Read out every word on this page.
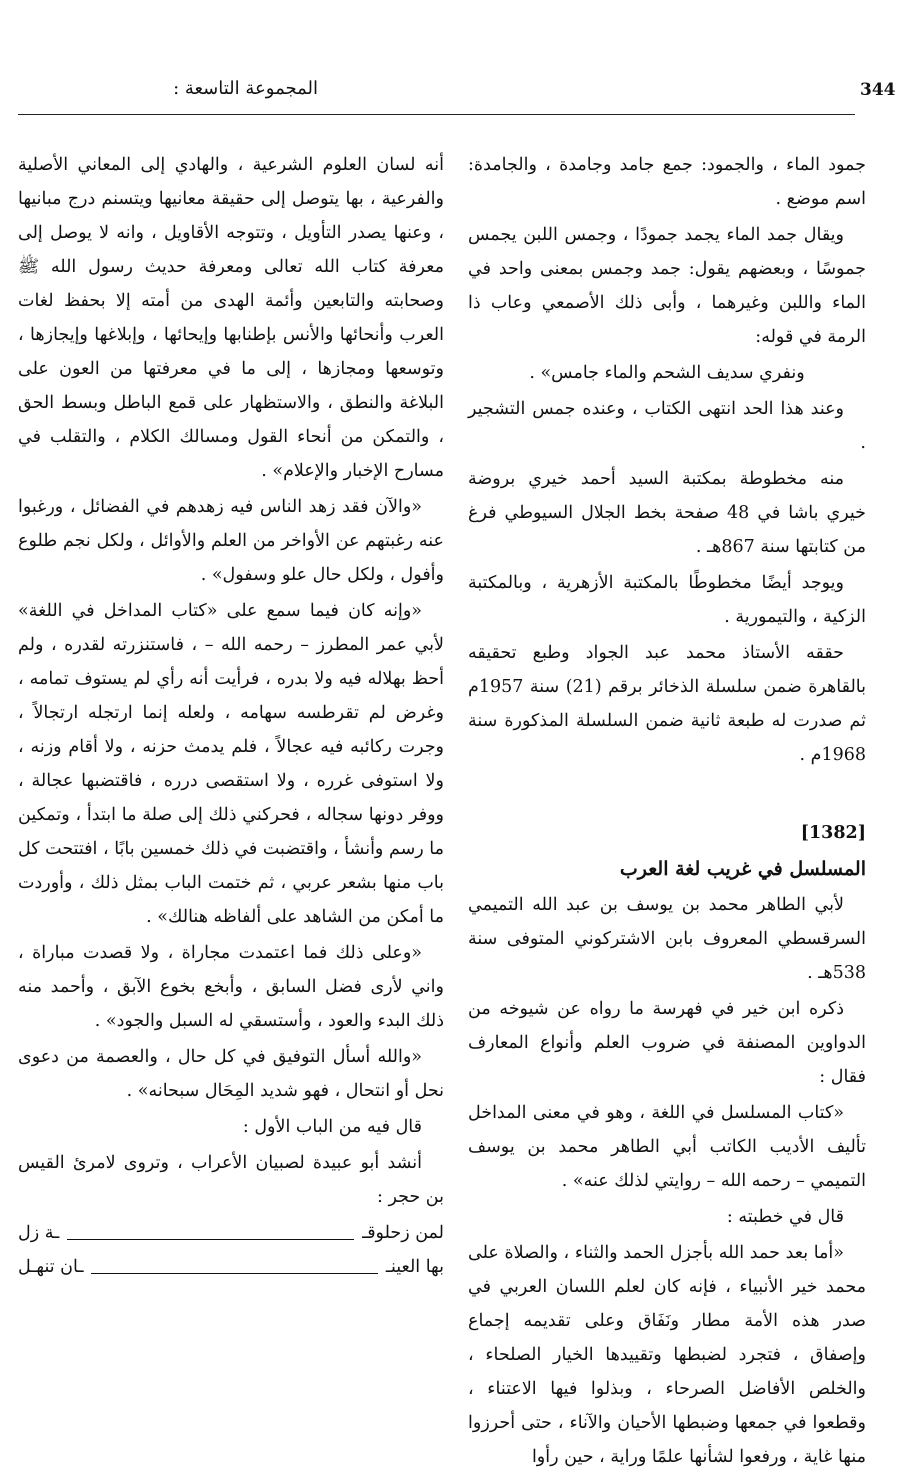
344
المجموعة التاسعة :

جمود الماء ، والجمود: جمع جامد وجامدة ، والجامدة: اسم موضع .

ويقال جمد الماء يجمد جمودًا ، وجمس اللبن يجمس جموسًا ، وبعضهم يقول: جمد وجمس بمعنى واحد في الماء واللبن وغيرهما ، وأبى ذلك الأصمعي وعاب ذا الرمة في قوله:

ونفري سديف الشحم والماء جامس» .

وعند هذا الحد انتهى الكتاب ، وعنده جمس التشجير .

منه مخطوطة بمكتبة السيد أحمد خيري بروضة خيري باشا في 48 صفحة بخط الجلال السيوطي فرغ من كتابتها سنة 867هـ .

ويوجد أيضًا مخطوطًا بالمكتبة الأزهرية ، وبالمكتبة الزكية ، والتيمورية .

حققه الأستاذ محمد عبد الجواد وطبع تحقيقه بالقاهرة ضمن سلسلة الذخائر برقم (21) سنة 1957م ثم صدرت له طبعة ثانية ضمن السلسلة المذكورة سنة 1968م .

[1382]

المسلسل في غريب لغة العرب

لأبي الطاهر محمد بن يوسف بن عبد الله التميمي السرقسطي المعروف بابن الاشتركوني المتوفى سنة 538هـ .

ذكره ابن خير في فهرسة ما رواه عن شيوخه من الدواوين المصنفة في ضروب العلم وأنواع المعارف فقال :

«كتاب المسلسل في اللغة ، وهو في معنى المداخل تأليف الأديب الكاتب أبي الطاهر محمد بن يوسف التميمي – رحمه الله – روايتي لذلك عنه» .

قال في خطبته :

«أما بعد حمد الله بأجزل الحمد والثناء ، والصلاة على محمد خير الأنبياء ، فإنه كان لعلم اللسان العربي في صدر هذه الأمة مطار ونَفَاق وعلى تقديمه إجماع وإصفاق ، فتجرد لضبطها وتقييدها الخيار الصلحاء ، والخلص الأفاضل الصرحاء ، وبذلوا فيها الاعتناء ، وقطعوا في جمعها وضبطها الأحيان والآناء ، حتى أحرزوا منها غاية ، ورفعوا لشأنها علمًا وراية ، حين رأوا

أنه لسان العلوم الشرعية ، والهادي إلى المعاني الأصلية والفرعية ، بها يتوصل إلى حقيقة معانيها ويتسنم درج مبانيها ، وعنها يصدر التأويل ، وتتوجه الأقاويل ، وانه لا يوصل إلى معرفة كتاب الله تعالى ومعرفة حديث رسول الله ﷺ وصحابته والتابعين وأئمة الهدى من أمته إلا بحفظ لغات العرب وأنحائها والأنس بإطنابها وإيحائها ، وإبلاغها وإيجازها ، وتوسعها ومجازها ، إلى ما في معرفتها من العون على البلاغة والنطق ، والاستظهار على قمع الباطل وبسط الحق ، والتمكن من أنحاء القول ومسالك الكلام ، والتقلب في مسارح الإخبار والإعلام» .

«والآن فقد زهد الناس فيه زهدهم في الفضائل ، ورغبوا عنه رغبتهم عن الأواخر من العلم والأوائل ، ولكل نجم طلوع وأفول ، ولكل حال علو وسفول» .

«وإنه كان فيما سمع على «كتاب المداخل في اللغة» لأبي عمر المطرز – رحمه الله – ، فاستنزرته لقدره ، ولم أحظ بهلاله فيه ولا بدره ، فرأيت أنه رأي لم يستوف تمامه ، وغرض لم تقرطسه سهامه ، ولعله إنما ارتجله ارتجالاً ، وجرت ركائبه فيه عجالاً ، فلم يدمث حزنه ، ولا أقام وزنه ، ولا استوفى غرره ، ولا استقصى درره ، فاقتضبها عجالة ، ووفر دونها سجاله ، فحركني ذلك إلى صلة ما ابتدأ ، وتمكين ما رسم وأنشأ ، واقتضبت في ذلك خمسين بابًا ، افتتحت كل باب منها بشعر عربي ، ثم ختمت الباب بمثل ذلك ، وأوردت ما أمكن من الشاهد على ألفاظه هنالك» .

«وعلى ذلك فما اعتمدت مجاراة ، ولا قصدت مباراة ، واني لأرى فضل السابق ، وأبخع بخوع الآبق ، وأحمد منه ذلك البدء والعود ، وأستسقي له السبل والجود» .

«والله أسأل التوفيق في كل حال ، والعصمة من دعوى نحل أو انتحال ، فهو شديد المِحَال سبحانه» .

قال فيه من الباب الأول :

أنشد أبو عبيدة لصبيان الأعراب ، وتروى لامرئ القيس بن حجر :

لمن زحلوقـ
ـة زل
بها العينـ
ـان تنهـل
